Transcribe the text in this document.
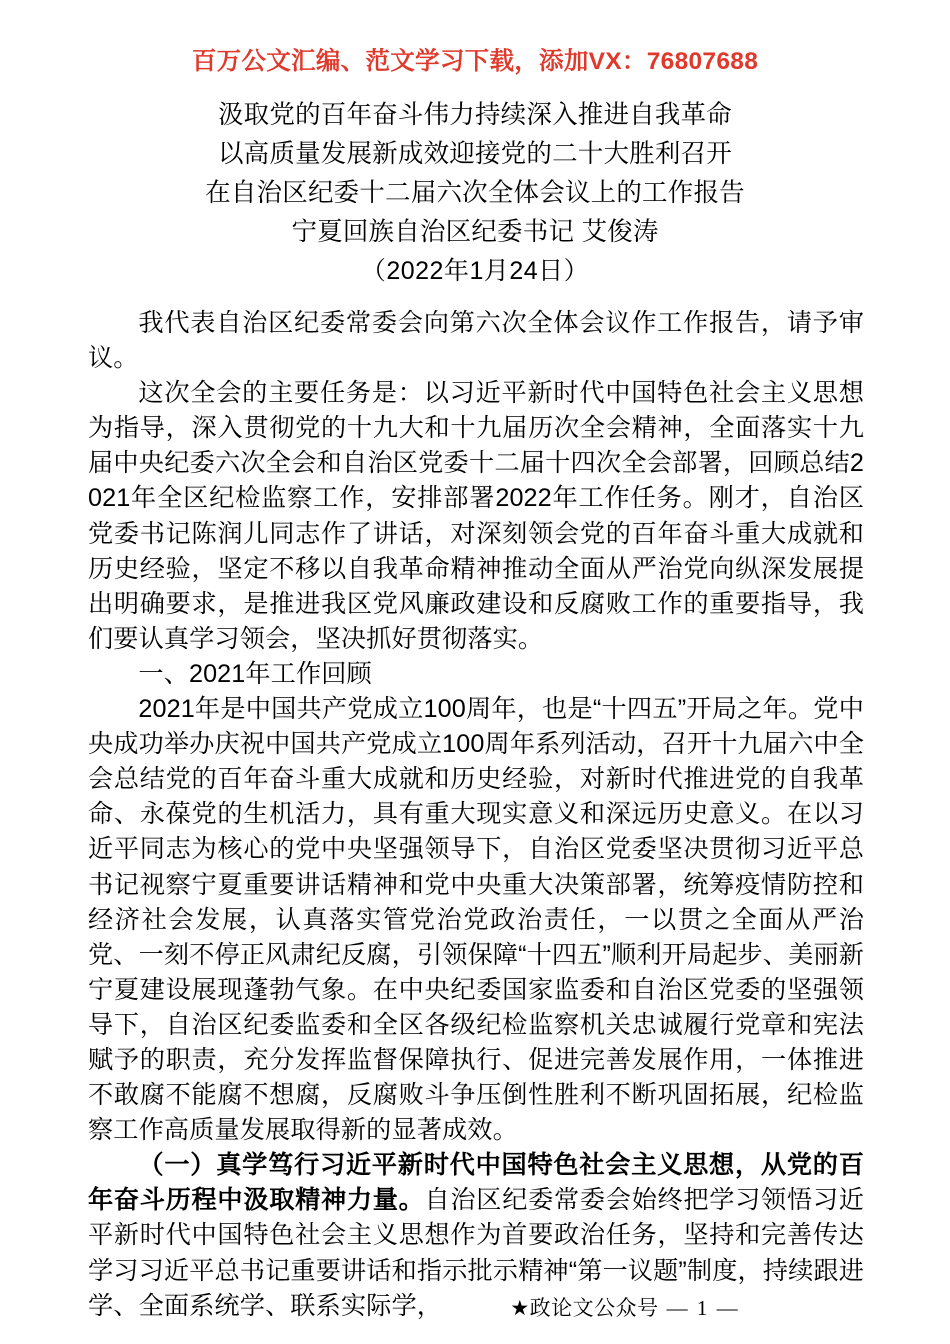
百万公文汇编、范文学习下载，添加VX：76807688
汲取党的百年奋斗伟力持续深入推进自我革命
以高质量发展新成效迎接党的二十大胜利召开
在自治区纪委十二届六次全体会议上的工作报告
宁夏回族自治区纪委书记 艾俊涛
（2022年1月24日）

我代表自治区纪委常委会向第六次全体会议作工作报告，请予审议。

这次全会的主要任务是：以习近平新时代中国特色社会主义思想为指导，深入贯彻党的十九大和十九届历次全会精神，全面落实十九届中央纪委六次全会和自治区党委十二届十四次全会部署，回顾总结2021年全区纪检监察工作，安排部署2022年工作任务。刚才，自治区党委书记陈润儿同志作了讲话，对深刻领会党的百年奋斗重大成就和历史经验，坚定不移以自我革命精神推动全面从严治党向纵深发展提出明确要求，是推进我区党风廉政建设和反腐败工作的重要指导，我们要认真学习领会，坚决抓好贯彻落实。

一、2021年工作回顾

2021年是中国共产党成立100周年，也是“十四五”开局之年。党中央成功举办庆祝中国共产党成立100周年系列活动，召开十九届六中全会总结党的百年奋斗重大成就和历史经验，对新时代推进党的自我革命、永葆党的生机活力，具有重大现实意义和深远历史意义。在以习近平同志为核心的党中央坚强领导下，自治区党委坚决贯彻习近平总书记视察宁夏重要讲话精神和党中央重大决策部署，统筹疫情防控和经济社会发展，认真落实管党治党政治责任，一以贯之全面从严治党、一刻不停正风肃纪反腐，引领保障“十四五”顺利开局起步、美丽新宁夏建设展现蓬勃气象。在中央纪委国家监委和自治区党委的坚强领导下，自治区纪委监委和全区各级纪检监察机关忠诚履行党章和宪法赋予的职责，充分发挥监督保障执行、促进完善发展作用，一体推进不敢腐不能腐不想腐，反腐败斗争压倒性胜利不断巩固拓展，纪检监察工作高质量发展取得新的显著成效。

（一）真学笃行习近平新时代中国特色社会主义思想，从党的百年奋斗历程中汲取精神力量。自治区纪委常委会始终把学习领悟习近平新时代中国特色社会主义思想作为首要政治任务，坚持和完善传达学习习近平总书记重要讲话和指示批示精神“第一议题”制度，持续跟进学、全面系统学、联系实际学，	★政论文公众号 — 1 —
